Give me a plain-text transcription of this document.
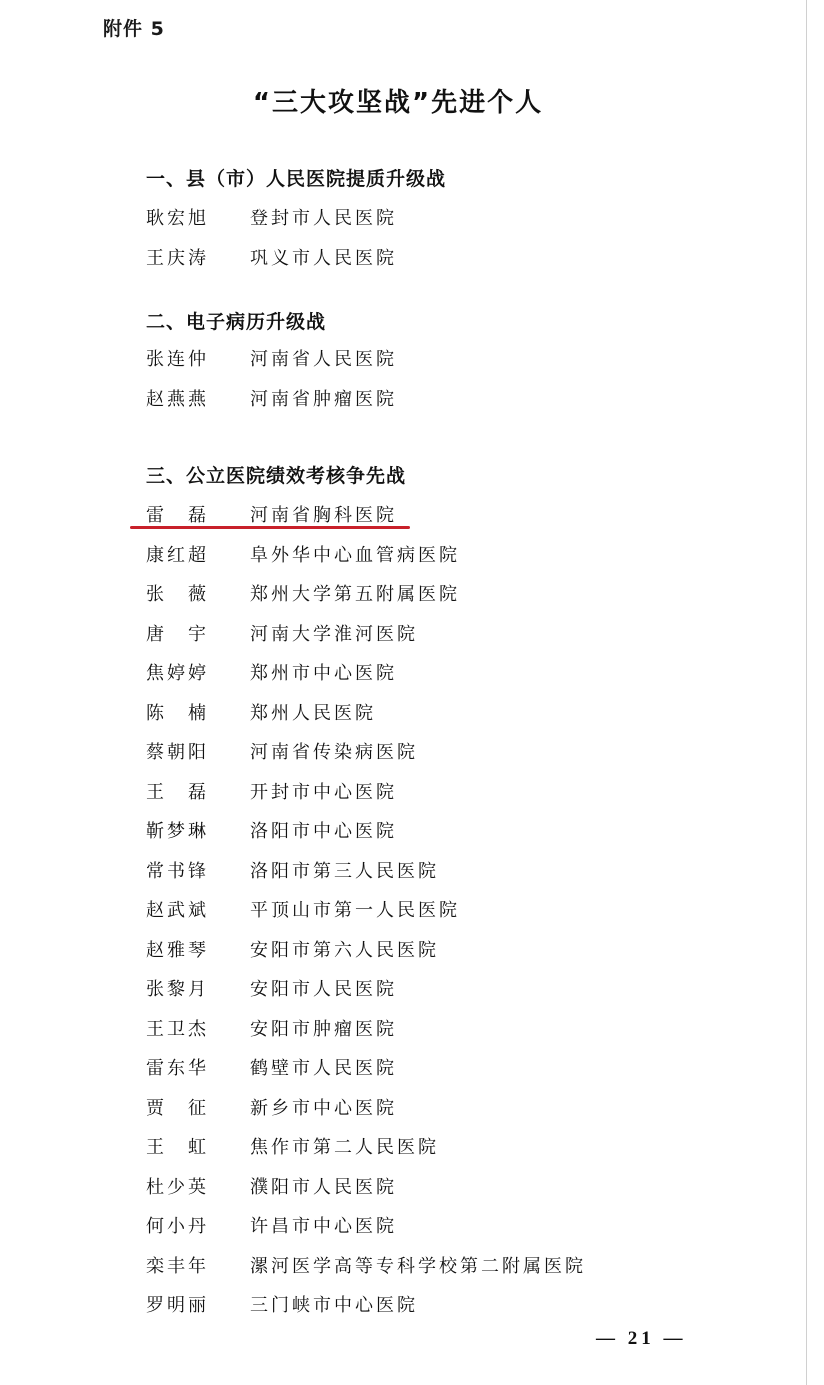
附件 5
“三大攻坚战”先进个人
一、县（市）人民医院提质升级战
耿宏旭	登封市人民医院
王庆涛	巩义市人民医院
二、电子病历升级战
张连仲	河南省人民医院
赵燕燕	河南省肿瘤医院
三、公立医院绩效考核争先战
雷　磊	河南省胸科医院
康红超	阜外华中心血管病医院
张　薇	郑州大学第五附属医院
唐　宇	河南大学淮河医院
焦婷婷	郑州市中心医院
陈　楠	郑州人民医院
蔡朝阳	河南省传染病医院
王　磊	开封市中心医院
靳梦琳	洛阳市中心医院
常书锋	洛阳市第三人民医院
赵武斌	平顶山市第一人民医院
赵雅琴	安阳市第六人民医院
张黎月	安阳市人民医院
王卫杰	安阳市肿瘤医院
雷东华	鹤壁市人民医院
贾　征	新乡市中心医院
王　虹	焦作市第二人民医院
杜少英	濮阳市人民医院
何小丹	许昌市中心医院
栾丰年	漯河医学高等专科学校第二附属医院
罗明丽	三门峡市中心医院
— 21 —
